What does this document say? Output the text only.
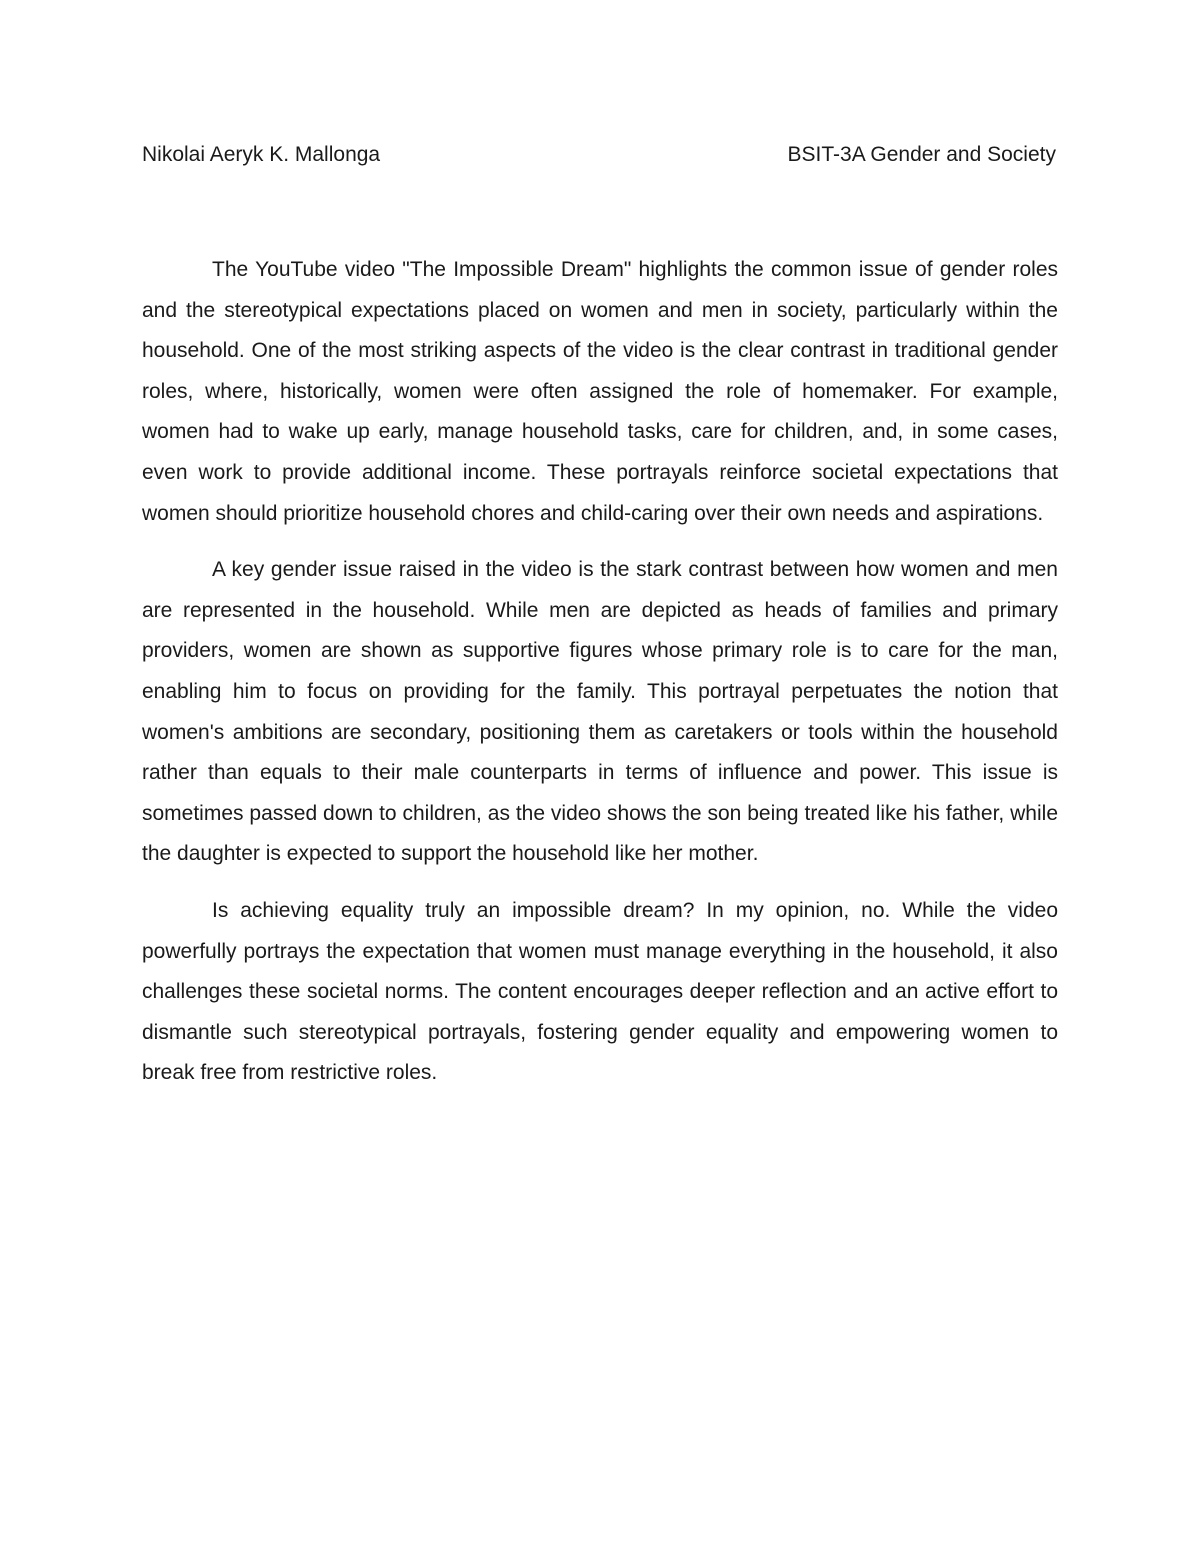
Nikolai Aeryk K. Mallonga	BSIT-3A Gender and Society

The YouTube video "The Impossible Dream" highlights the common issue of gender roles and the stereotypical expectations placed on women and men in society, particularly within the household. One of the most striking aspects of the video is the clear contrast in traditional gender roles, where, historically, women were often assigned the role of homemaker. For example, women had to wake up early, manage household tasks, care for children, and, in some cases, even work to provide additional income. These portrayals reinforce societal expectations that women should prioritize household chores and child-caring over their own needs and aspirations.

A key gender issue raised in the video is the stark contrast between how women and men are represented in the household. While men are depicted as heads of families and primary providers, women are shown as supportive figures whose primary role is to care for the man, enabling him to focus on providing for the family. This portrayal perpetuates the notion that women's ambitions are secondary, positioning them as caretakers or tools within the household rather than equals to their male counterparts in terms of influence and power. This issue is sometimes passed down to children, as the video shows the son being treated like his father, while the daughter is expected to support the household like her mother.

Is achieving equality truly an impossible dream? In my opinion, no. While the video powerfully portrays the expectation that women must manage everything in the household, it also challenges these societal norms. The content encourages deeper reflection and an active effort to dismantle such stereotypical portrayals, fostering gender equality and empowering women to break free from restrictive roles.
